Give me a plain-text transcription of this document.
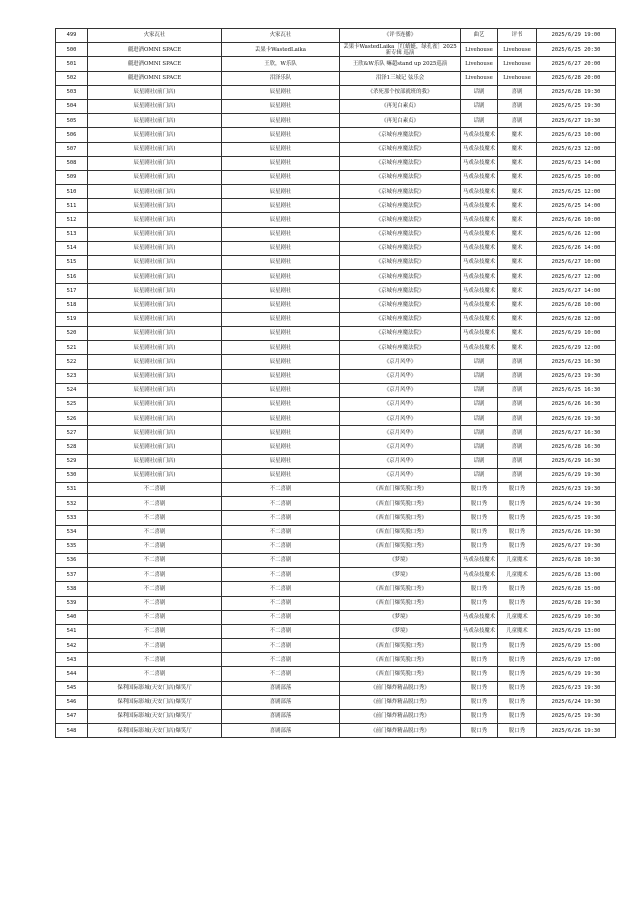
499	火家瓦社	火家瓦社	《评书连播》	曲艺	评书	2025/6/29 19:00
500	疆进酒OMNI SPACE	丢果卡WastedLaika	丢果卡WastedLaika［红蜻蜓，绿孔雀］2025新专辑 巡演	Livehouse	Livehouse	2025/6/25 20:30
501	疆进酒OMNI SPACE	王欣，W乐队	王欣&W乐队 嘛超stand up 2025巡演	Livehouse	Livehouse	2025/6/27 20:00
502	疆进酒OMNI SPACE	泪泽乐队	泪泽1三城记 弦乐会	Livehouse	Livehouse	2025/6/28 20:00
503	辰星剧社(前门店)	辰星剧社	《杀死那个按部就班的我》	话剧	喜剧	2025/6/28 19:30
504	辰星剧社(前门店)	辰星剧社	《再见白素贞》	话剧	喜剧	2025/6/25 19:30
505	辰星剧社(前门店)	辰星剧社	《再见白素贞》	话剧	喜剧	2025/6/27 19:30
506	辰星剧社(前门店)	辰星剧社	《京城有座魔法院》	马戏杂技魔术	魔术	2025/6/23 10:00
507	辰星剧社(前门店)	辰星剧社	《京城有座魔法院》	马戏杂技魔术	魔术	2025/6/23 12:00
508	辰星剧社(前门店)	辰星剧社	《京城有座魔法院》	马戏杂技魔术	魔术	2025/6/23 14:00
509	辰星剧社(前门店)	辰星剧社	《京城有座魔法院》	马戏杂技魔术	魔术	2025/6/25 10:00
510	辰星剧社(前门店)	辰星剧社	《京城有座魔法院》	马戏杂技魔术	魔术	2025/6/25 12:00
511	辰星剧社(前门店)	辰星剧社	《京城有座魔法院》	马戏杂技魔术	魔术	2025/6/25 14:00
512	辰星剧社(前门店)	辰星剧社	《京城有座魔法院》	马戏杂技魔术	魔术	2025/6/26 10:00
513	辰星剧社(前门店)	辰星剧社	《京城有座魔法院》	马戏杂技魔术	魔术	2025/6/26 12:00
514	辰星剧社(前门店)	辰星剧社	《京城有座魔法院》	马戏杂技魔术	魔术	2025/6/26 14:00
515	辰星剧社(前门店)	辰星剧社	《京城有座魔法院》	马戏杂技魔术	魔术	2025/6/27 10:00
516	辰星剧社(前门店)	辰星剧社	《京城有座魔法院》	马戏杂技魔术	魔术	2025/6/27 12:00
517	辰星剧社(前门店)	辰星剧社	《京城有座魔法院》	马戏杂技魔术	魔术	2025/6/27 14:00
518	辰星剧社(前门店)	辰星剧社	《京城有座魔法院》	马戏杂技魔术	魔术	2025/6/28 10:00
519	辰星剧社(前门店)	辰星剧社	《京城有座魔法院》	马戏杂技魔术	魔术	2025/6/28 12:00
520	辰星剧社(前门店)	辰星剧社	《京城有座魔法院》	马戏杂技魔术	魔术	2025/6/29 10:00
521	辰星剧社(前门店)	辰星剧社	《京城有座魔法院》	马戏杂技魔术	魔术	2025/6/29 12:00
522	辰星剧社(前门店)	辰星剧社	《京月风华》	话剧	喜剧	2025/6/23 16:30
523	辰星剧社(前门店)	辰星剧社	《京月风华》	话剧	喜剧	2025/6/23 19:30
524	辰星剧社(前门店)	辰星剧社	《京月风华》	话剧	喜剧	2025/6/25 16:30
525	辰星剧社(前门店)	辰星剧社	《京月风华》	话剧	喜剧	2025/6/26 16:30
526	辰星剧社(前门店)	辰星剧社	《京月风华》	话剧	喜剧	2025/6/26 19:30
527	辰星剧社(前门店)	辰星剧社	《京月风华》	话剧	喜剧	2025/6/27 16:30
528	辰星剧社(前门店)	辰星剧社	《京月风华》	话剧	喜剧	2025/6/28 16:30
529	辰星剧社(前门店)	辰星剧社	《京月风华》	话剧	喜剧	2025/6/29 16:30
530	辰星剧社(前门店)	辰星剧社	《京月风华》	话剧	喜剧	2025/6/29 19:30
531	不二喜剧	不二喜剧	《西直门爆笑脱口秀》	脱口秀	脱口秀	2025/6/23 19:30
532	不二喜剧	不二喜剧	《西直门爆笑脱口秀》	脱口秀	脱口秀	2025/6/24 19:30
533	不二喜剧	不二喜剧	《西直门爆笑脱口秀》	脱口秀	脱口秀	2025/6/25 19:30
534	不二喜剧	不二喜剧	《西直门爆笑脱口秀》	脱口秀	脱口秀	2025/6/26 19:30
535	不二喜剧	不二喜剧	《西直门爆笑脱口秀》	脱口秀	脱口秀	2025/6/27 19:30
536	不二喜剧	不二喜剧	《梦境》	马戏杂技魔术	儿童魔术	2025/6/28 10:30
537	不二喜剧	不二喜剧	《梦境》	马戏杂技魔术	儿童魔术	2025/6/28 13:00
538	不二喜剧	不二喜剧	《西直门爆笑脱口秀》	脱口秀	脱口秀	2025/6/28 15:00
539	不二喜剧	不二喜剧	《西直门爆笑脱口秀》	脱口秀	脱口秀	2025/6/28 19:30
540	不二喜剧	不二喜剧	《梦境》	马戏杂技魔术	儿童魔术	2025/6/29 10:30
541	不二喜剧	不二喜剧	《梦境》	马戏杂技魔术	儿童魔术	2025/6/29 13:00
542	不二喜剧	不二喜剧	《西直门爆笑脱口秀》	脱口秀	脱口秀	2025/6/29 15:00
543	不二喜剧	不二喜剧	《西直门爆笑脱口秀》	脱口秀	脱口秀	2025/6/29 17:00
544	不二喜剧	不二喜剧	《西直门爆笑脱口秀》	脱口秀	脱口秀	2025/6/29 19:30
545	保利国际影城(天安门店)爆笑厅	喜剧部落	《前门爆炸精品脱口秀》	脱口秀	脱口秀	2025/6/23 19:30
546	保利国际影城(天安门店)爆笑厅	喜剧部落	《前门爆炸精品脱口秀》	脱口秀	脱口秀	2025/6/24 19:30
547	保利国际影城(天安门店)爆笑厅	喜剧部落	《前门爆炸精品脱口秀》	脱口秀	脱口秀	2025/6/25 19:30
548	保利国际影城(天安门店)爆笑厅	喜剧部落	《前门爆炸精品脱口秀》	脱口秀	脱口秀	2025/6/26 19:30
